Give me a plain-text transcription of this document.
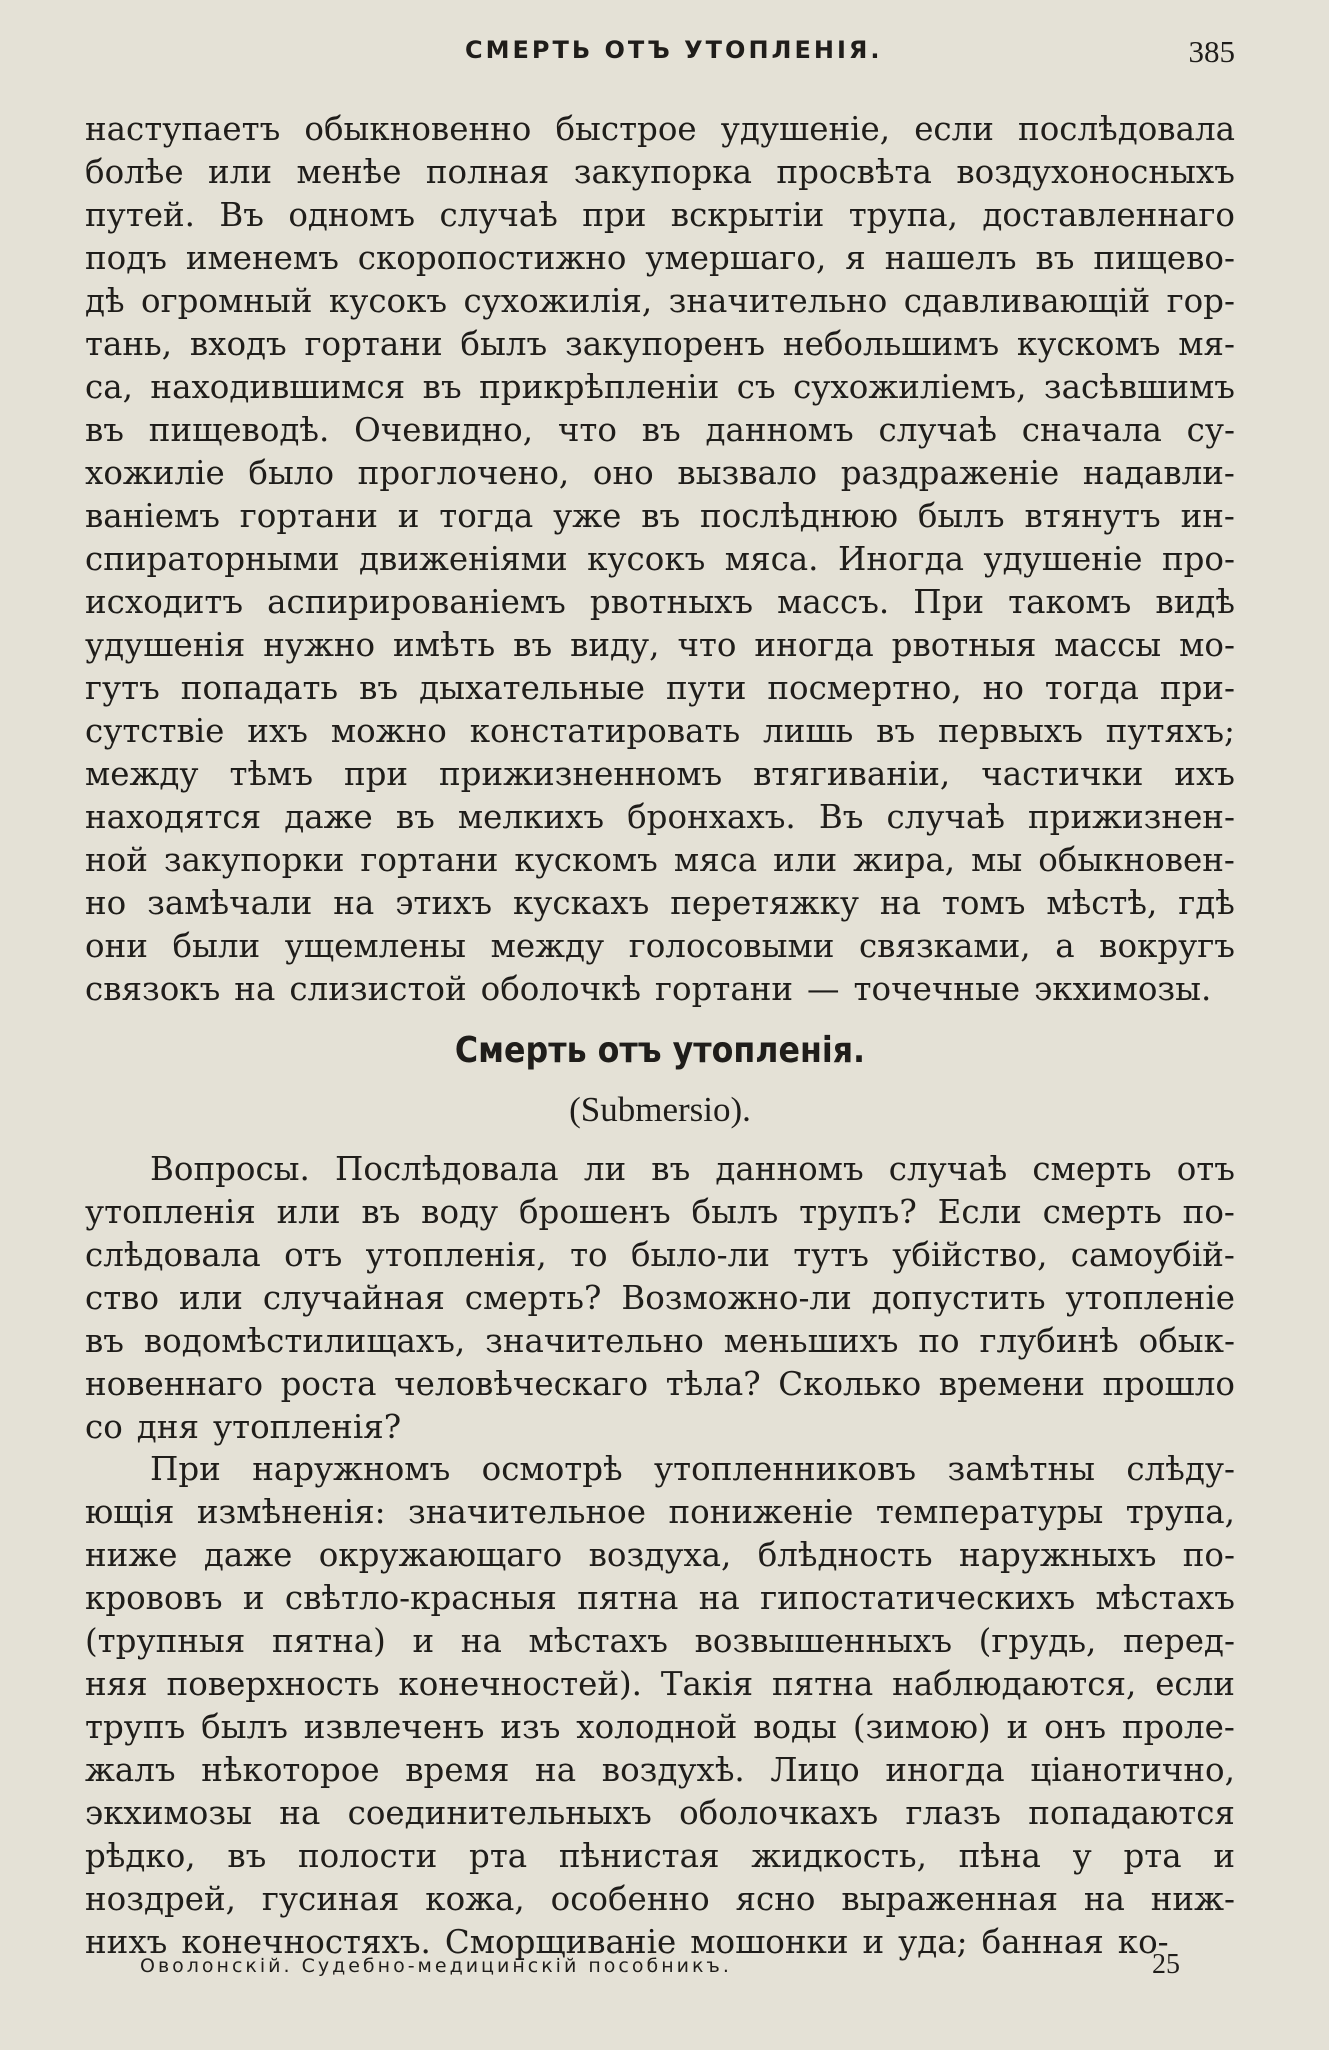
СМЕРТЬ ОТЪ УТОПЛЕНІЯ.	385
наступаетъ обыкновенно быстрое удушеніе, если послѣдовала
болѣе или менѣе полная закупорка просвѣта воздухоносныхъ
путей. Въ одномъ случаѣ при вскрытіи трупа, доставленнаго
подъ именемъ скоропостижно умершаго, я нашелъ въ пищево-
дѣ огромный кусокъ сухожилія, значительно сдавливающій гор-
тань, входъ гортани былъ закупоренъ небольшимъ кускомъ мя-
са, находившимся въ прикрѣпленіи съ сухожиліемъ, засѣвшимъ
въ пищеводѣ. Очевидно, что въ данномъ случаѣ сначала су-
хожиліе было проглочено, оно вызвало раздраженіе надавли-
ваніемъ гортани и тогда уже въ послѣднюю былъ втянутъ ин-
спираторными движеніями кусокъ мяса. Иногда удушеніе про-
исходитъ аспирированіемъ рвотныхъ массъ. При такомъ видѣ
удушенія нужно имѣть въ виду, что иногда рвотныя массы мо-
гутъ попадать въ дыхательные пути посмертно, но тогда при-
сутствіе ихъ можно констатировать лишь въ первыхъ путяхъ;
между тѣмъ при прижизненномъ втягиваніи, частички ихъ
находятся даже въ мелкихъ бронхахъ. Въ случаѣ прижизнен-
ной закупорки гортани кускомъ мяса или жира, мы обыкновен-
но замѣчали на этихъ кускахъ перетяжку на томъ мѣстѣ, гдѣ
они были ущемлены между голосовыми связками, а вокругъ
связокъ на слизистой оболочкѣ гортани — точечные экхимозы.
Смерть отъ утопленія.
(Submersio).
Вопросы. Послѣдовала ли въ данномъ случаѣ смерть отъ
утопленія или въ воду брошенъ былъ трупъ? Если смерть по-
слѣдовала отъ утопленія, то было-ли тутъ убійство, самоубій-
ство или случайная смерть? Возможно-ли допустить утопленіе
въ водомѣстилищахъ, значительно меньшихъ по глубинѣ обык-
новеннаго роста человѣческаго тѣла? Сколько времени прошло
со дня утопленія?
При наружномъ осмотрѣ утопленниковъ замѣтны слѣду-
ющія измѣненія: значительное пониженіе температуры трупа,
ниже даже окружающаго воздуха, блѣдность наружныхъ по-
крововъ и свѣтло-красныя пятна на гипостатическихъ мѣстахъ
(трупныя пятна) и на мѣстахъ возвышенныхъ (грудь, перед-
няя поверхность конечностей). Такія пятна наблюдаются, если
трупъ былъ извлеченъ изъ холодной воды (зимою) и онъ проле-
жалъ нѣкоторое время на воздухѣ. Лицо иногда ціанотично,
экхимозы на соединительныхъ оболочкахъ глазъ попадаются
рѣдко, въ полости рта пѣнистая жидкость, пѣна у рта и
ноздрей, гусиная кожа, особенно ясно выраженная на ниж-
нихъ конечностяхъ. Сморщиваніе мошонки и уда; банная ко-
Оволонскій. Судебно-медицинскій пособникъ.	25
